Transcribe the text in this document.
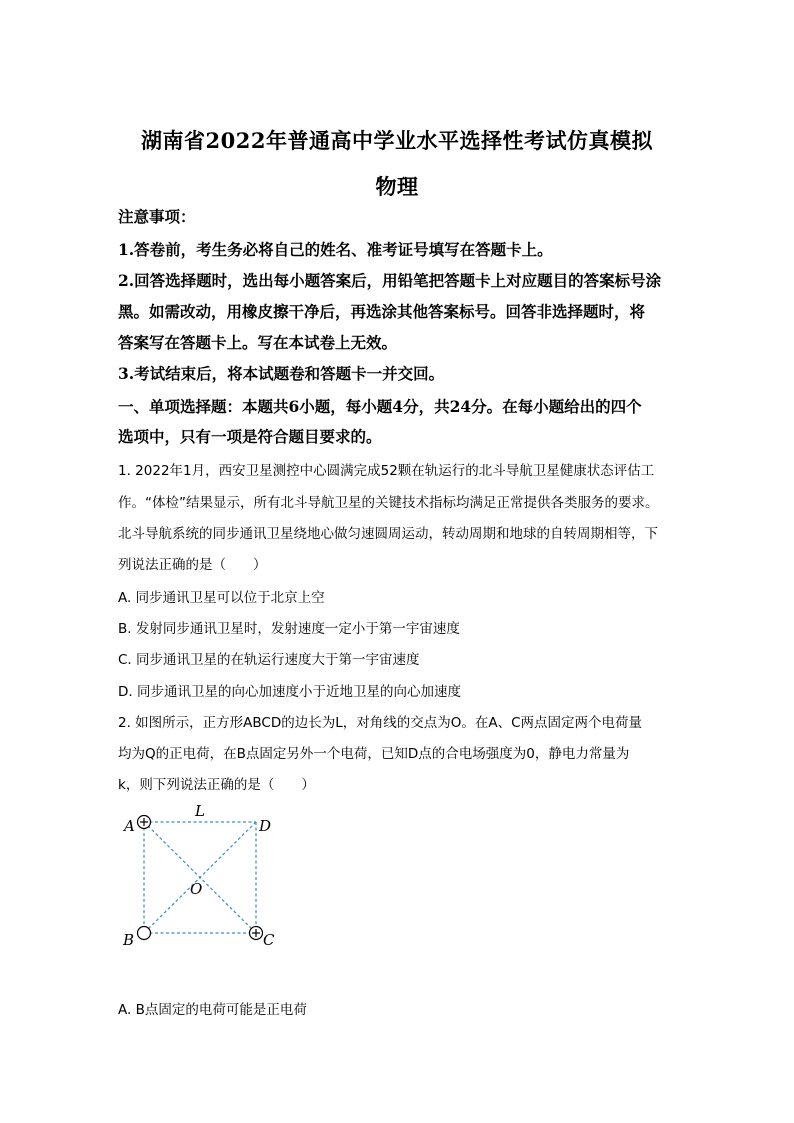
湖南省2022年普通高中学业水平选择性考试仿真模拟
物理
注意事项：
1.答卷前，考生务必将自己的姓名、准考证号填写在答题卡上。
2.回答选择题时，选出每小题答案后，用铅笔把答题卡上对应题目的答案标号涂
黑。如需改动，用橡皮擦干净后，再选涂其他答案标号。回答非选择题时，将
答案写在答题卡上。写在本试卷上无效。
3.考试结束后，将本试题卷和答题卡一并交回。
一、单项选择题：本题共6小题，每小题4分，共24分。在每小题给出的四个
选项中，只有一项是符合题目要求的。
1. 2022年1月，西安卫星测控中心圆满完成52颗在轨运行的北斗导航卫星健康状态评估工
作。“体检”结果显示，所有北斗导航卫星的关键技术指标均满足正常提供各类服务的要求。
北斗导航系统的同步通讯卫星绕地心做匀速圆周运动，转动周期和地球的自转周期相等，下
列说法正确的是（　　）
A. 同步通讯卫星可以位于北京上空
B. 发射同步通讯卫星时，发射速度一定小于第一宇宙速度
C. 同步通讯卫星的在轨运行速度大于第一宇宙速度
D. 同步通讯卫星的向心加速度小于近地卫星的向心加速度
2. 如图所示，正方形ABCD的边长为L，对角线的交点为O。在A、C两点固定两个电荷量
均为Q的正电荷，在B点固定另外一个电荷，已知D点的合电场强度为0，静电力常量为
k，则下列说法正确的是（　　）
A	D
L
O
B	C
A. B点固定的电荷可能是正电荷
